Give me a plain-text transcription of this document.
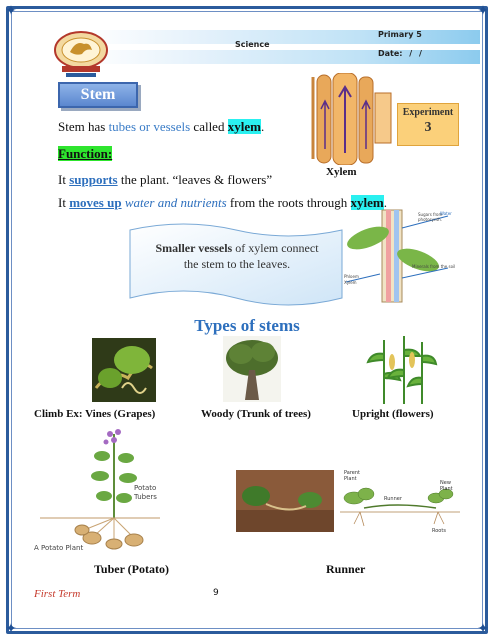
✦	✦
✦	✦
Science
Primary 5
Date: / /
Stem
Stem has tubes or vessels called xylem.
Function:
It supports the plant. “leaves & flowers”
It moves up water and nutrients from the roots through xylem.
Xylem
Experiment
3
Sugars from
photosynth.
Water
Minerals from the soil
Phloem
Xylem
Smaller vessels of xylem connect
the stem to the leaves.
Types of stems
Climb Ex: Vines (Grapes)	Woody (Trunk of trees)	Upright (flowers)
Potato
Tubers
A Potato Plant
Parent
Plant
Runner
New
Plant
Roots
Tuber (Potato)	Runner
First Term	9
